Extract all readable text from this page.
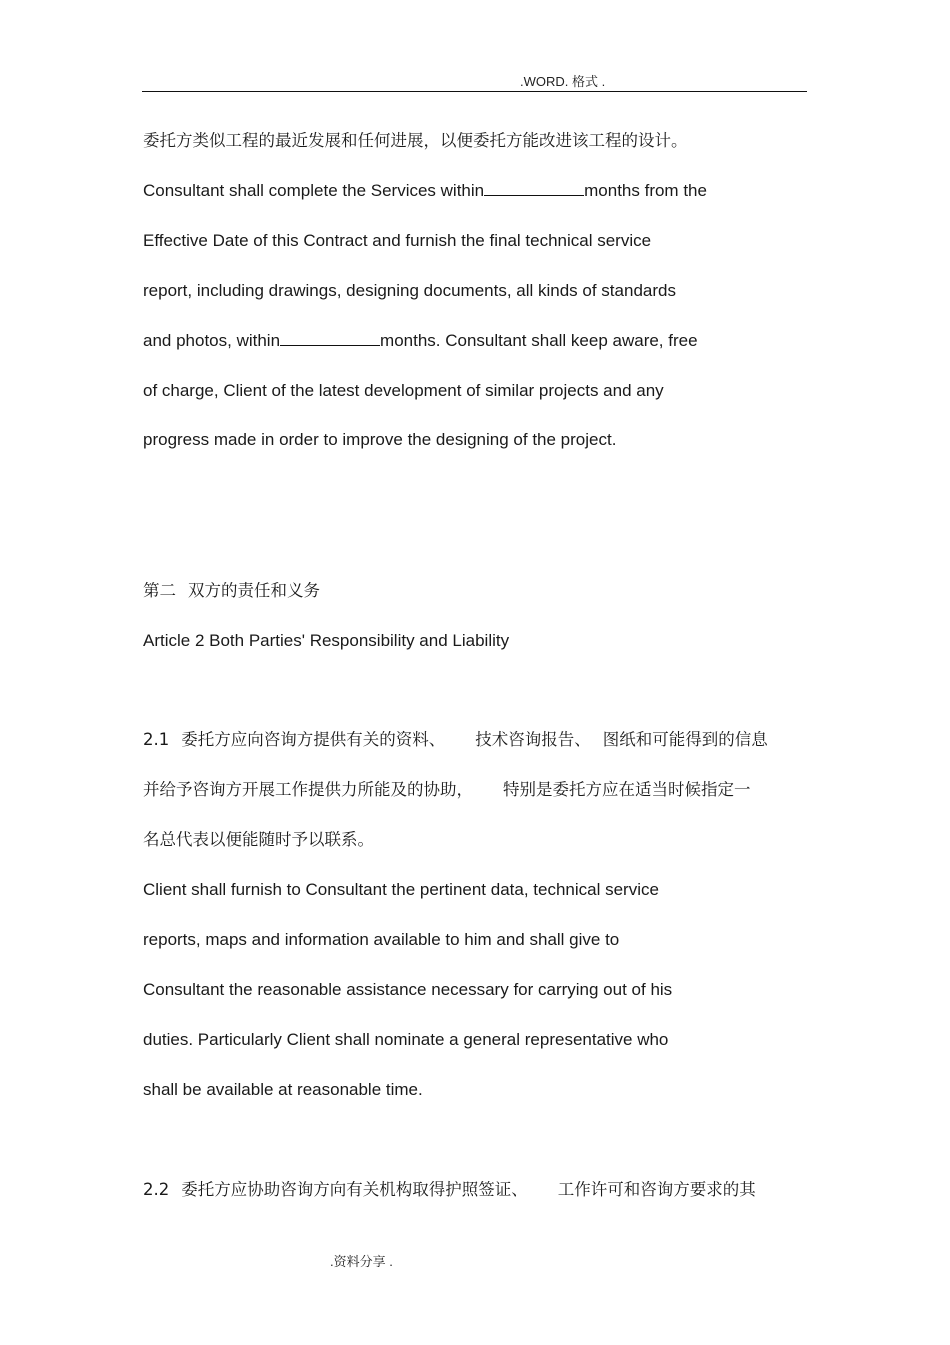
.WORD. 格式 .
委托方类似工程的最近发展和任何进展，以便委托方能改进该工程的设计。
Consultant shall complete the Services within	months from the
Effective Date of this Contract and furnish the final technical service
report, including drawings, designing documents, all kinds of standards
and photos, within	months. Consultant shall keep aware, free
of charge, Client of the latest development of similar projects and any
progress made in order to improve the designing of the project.
第二 双方的责任和义务
Article 2 Both Parties' Responsibility and Liability
2.1 委托方应向咨询方提供有关的资料、 技术咨询报告、 图纸和可能得到的信息
并给予咨询方开展工作提供力所能及的协助， 特别是委托方应在适当时候指定一
名总代表以便能随时予以联系。
Client shall furnish to Consultant the pertinent data, technical service
reports, maps and information available to him and shall give to
Consultant the reasonable assistance necessary for carrying out of his
duties. Particularly Client shall nominate a general representative who
shall be available at reasonable time.
2.2 委托方应协助咨询方向有关机构取得护照签证、 工作许可和咨询方要求的其
.资料分享 .
